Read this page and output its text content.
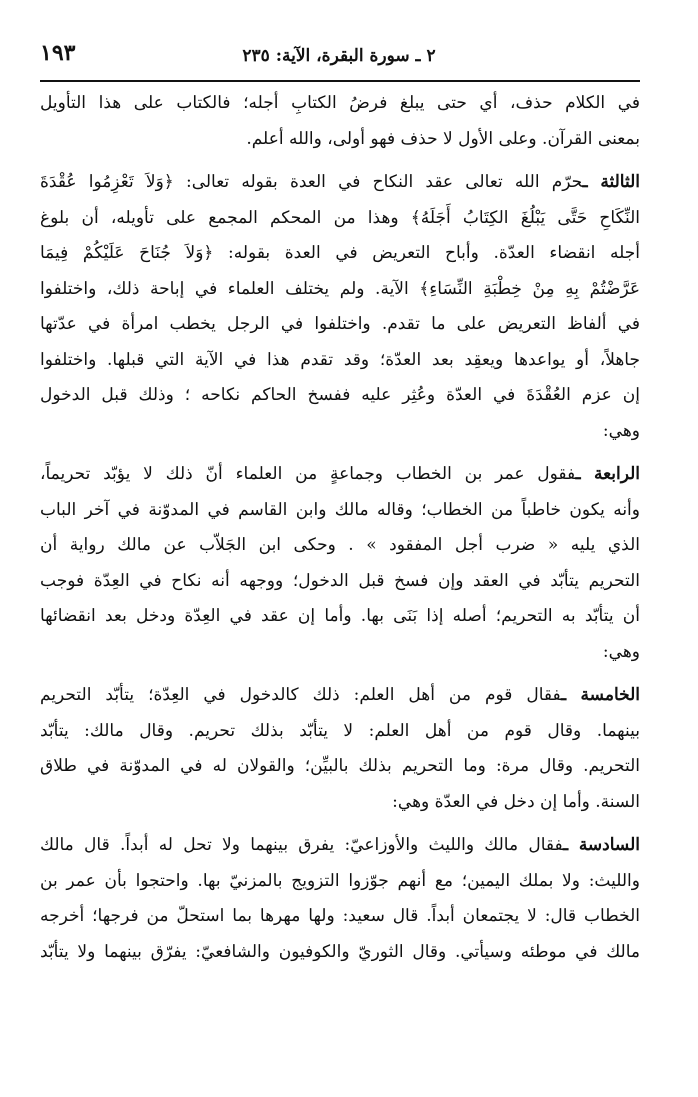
٢ ـ سورة البقرة، الآية: ٢٣٥
١٩٣
في الكلام حذف، أي حتى يبلغ فرضُ الكتابِ أجله؛ فالكتاب على هذا التأويل
بمعنى القرآن. وعلى الأول لا حذف فهو أولى، والله أعلم.
الثالثة ـحرّم الله تعالى عقد النكاح في العدة بقوله تعالى: ﴿وَلاَ تَعْزِمُوا عُقْدَةَ
النِّكَاحِ حَتَّى يَبْلُغَ الكِتَابُ أَجَلَهُ﴾ وهذا من المحكم المجمع على تأويله، أن بلوغ
أجله انقضاء العدّة. وأباح التعريض في العدة بقوله: ﴿وَلاَ جُنَاحَ عَلَيْكُمْ فِيمَا
عَرَّضْتُمْ بِهِ مِنْ خِطْبَةِ النِّسَاءِ﴾ الآية. ولم يختلف العلماء في إباحة ذلك، واختلفوا
في ألفاظ التعريض على ما تقدم. واختلفوا في الرجل يخطب امرأة في عدّتها
جاهلاً، أو يواعدها ويعقِد بعد العدّة؛ وقد تقدم هذا في الآية التي قبلها. واختلفوا
إن عزم العُقْدَةَ في العدّة وعُثِر عليه ففسخ الحاكم نكاحه ؛ وذلك قبل الدخول
وهي:
الرابعة ـفقول عمر بن الخطاب وجماعةٍ من العلماء أنّ ذلك لا يؤبّد تحريماً،
وأنه يكون خاطباً من الخطاب؛ وقاله مالك وابن القاسم في المدوّنة في آخر الباب
الذي يليه « ضرب أجل المفقود » . وحكى ابن الجَلاّب عن مالك رواية أن
التحريم يتأبّد في العقد وإن فسخ قبل الدخول؛ ووجهه أنه نكاح في العِدّة فوجب
أن يتأبّد به التحريم؛ أصله إذا بَنَى بها. وأما إن عقد في العِدّة ودخل بعد انقضائها
وهي:
الخامسة ـفقال قوم من أهل العلم: ذلك كالدخول في العِدّة؛ يتأبّد التحريم
بينهما. وقال قوم من أهل العلم: لا يتأبّد بذلك تحريم. وقال مالك: يتأبّد
التحريم. وقال مرة: وما التحريم بذلك بالبيِّن؛ والقولان له في المدوّنة في طلاق
السنة. وأما إن دخل في العدّة وهي:
السادسة ـفقال مالك والليث والأوزاعيّ: يفرق بينهما ولا تحل له أبداً. قال مالك
والليث: ولا بملك اليمين؛ مع أنهم جوّزوا التزويج بالمزنيّ بها. واحتجوا بأن عمر بن
الخطاب قال: لا يجتمعان أبداً. قال سعيد: ولها مهرها بما استحلّ من فرجها؛ أخرجه
مالك في موطئه وسيأتي. وقال الثوريّ والكوفيون والشافعيّ: يفرّق بينهما ولا يتأبّد
